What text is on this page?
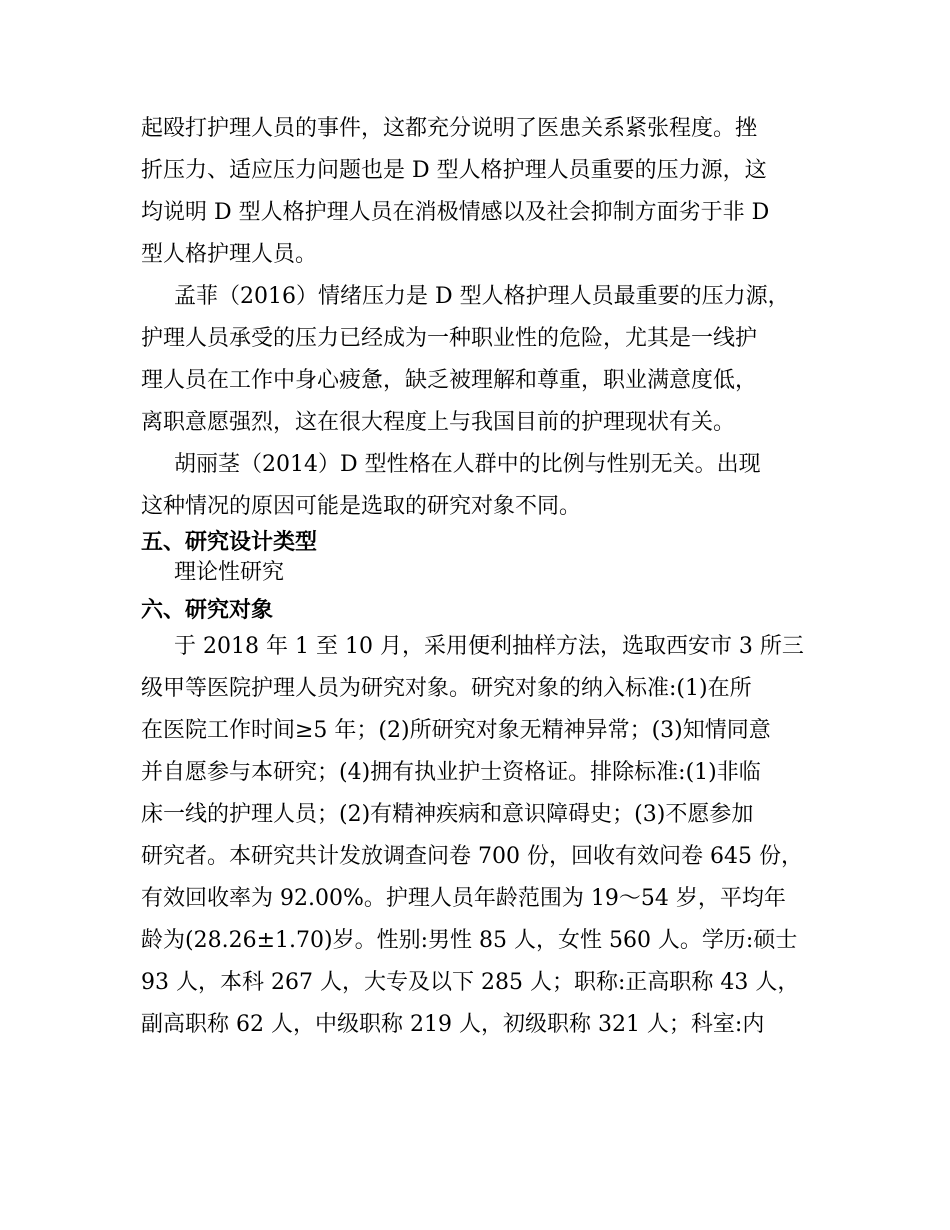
起殴打护理人员的事件，这都充分说明了医患关系紧张程度。挫
折压力、适应压力问题也是 D 型人格护理人员重要的压力源，这
均说明 D 型人格护理人员在消极情感以及社会抑制方面劣于非 D
型人格护理人员。
孟菲（2016）情绪压力是 D 型人格护理人员最重要的压力源，
护理人员承受的压力已经成为一种职业性的危险，尤其是一线护
理人员在工作中身心疲惫，缺乏被理解和尊重，职业满意度低，
离职意愿强烈，这在很大程度上与我国目前的护理现状有关。
胡丽茎（2014）D 型性格在人群中的比例与性别无关。出现
这种情况的原因可能是选取的研究对象不同。
五、研究设计类型
理论性研究
六、研究对象
于 2018 年 1 至 10 月，采用便利抽样方法，选取西安市 3 所三
级甲等医院护理人员为研究对象。研究对象的纳入标准:(1)在所
在医院工作时间≥5 年；(2)所研究对象无精神异常；(3)知情同意
并自愿参与本研究；(4)拥有执业护士资格证。排除标准:(1)非临
床一线的护理人员；(2)有精神疾病和意识障碍史；(3)不愿参加
研究者。本研究共计发放调查问卷 700 份，回收有效问卷 645 份，
有效回收率为 92.00%。护理人员年龄范围为 19～54 岁，平均年
龄为(28.26±1.70)岁。性别:男性 85 人，女性 560 人。学历:硕士
93 人，本科 267 人，大专及以下 285 人；职称:正高职称 43 人，
副高职称 62 人，中级职称 219 人，初级职称 321 人；科室:内
